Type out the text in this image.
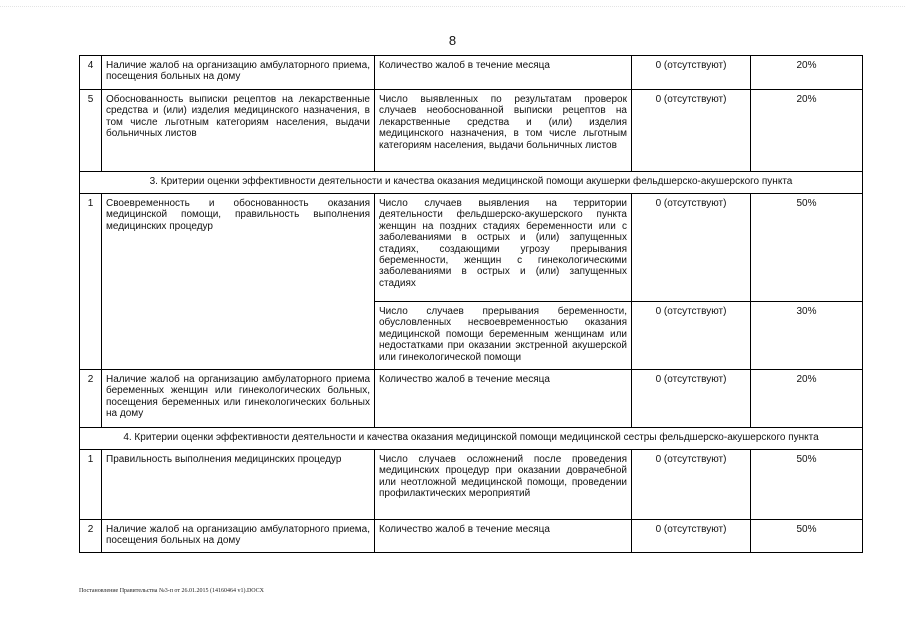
8
4	Наличие жалоб на организацию амбулаторного приема, посещения больных на дому	Количество жалоб в течение месяца	0 (отсутствуют)	20%
5	Обоснованность выписки рецептов на лекарственные средства и (или) изделия медицинского назначения, в том числе льготным категориям населения, выдачи больничных листов	Число выявленных по результатам проверок случаев необоснованной выписки рецептов на лекарственные средства и (или) изделия медицинского назначения, в том числе льготным категориям населения, выдачи больничных листов	0 (отсутствуют)	20%
3. Критерии оценки эффективности деятельности и качества оказания медицинской помощи акушерки фельдшерско-акушерского пункта				
1	Своевременность и обоснованность оказания медицинской помощи, правильность выполнения медицинских процедур	Число случаев выявления на территории деятельности фельдшерско-акушерского пункта женщин на поздних стадиях беременности или с заболеваниями в острых и (или) запущенных стадиях, создающими угрозу прерывания беременности, женщин с гинекологическими заболеваниями в острых и (или) запущенных стадиях	0 (отсутствуют)	50%
		Число случаев прерывания беременности, обусловленных несвоевременностью оказания медицинской помощи беременным женщинам или недостатками при оказании экстренной акушерской или гинекологической помощи	0 (отсутствуют)	30%
2	Наличие жалоб на организацию амбулаторного приема беременных женщин или гинекологических больных, посещения беременных или гинекологических больных на дому	Количество жалоб в течение месяца	0 (отсутствуют)	20%
4. Критерии оценки эффективности деятельности и качества оказания медицинской помощи медицинской сестры фельдшерско-акушерского пункта				
1	Правильность выполнения медицинских процедур	Число случаев осложнений после проведения медицинских процедур при оказании доврачебной или неотложной медицинской помощи, проведении профилактических мероприятий	0 (отсутствуют)	50%
2	Наличие жалоб на организацию амбулаторного приема, посещения больных на дому	Количество жалоб в течение месяца	0 (отсутствуют)	50%
Постановление Правительства №3-п от 26.01.2015 (14160464 v1).DOCX
